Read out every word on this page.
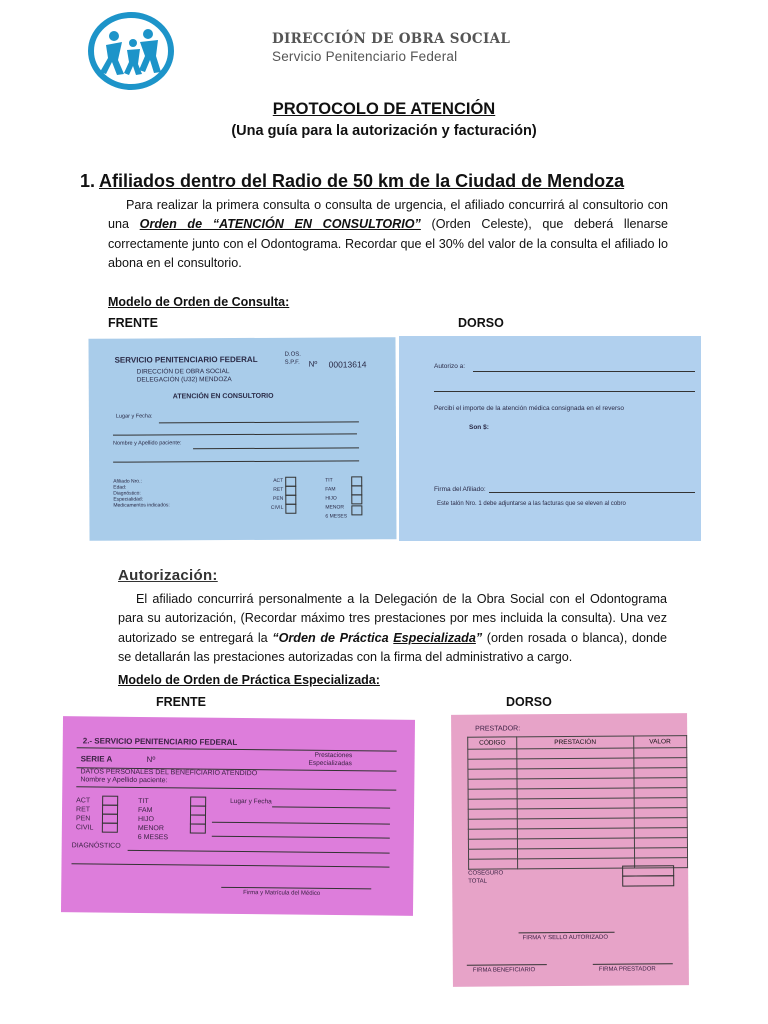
DIRECCIÓN DE OBRA SOCIAL
Servicio Penitenciario Federal
PROTOCOLO DE ATENCIÓN
(Una guía para la autorización y facturación)
1. Afiliados dentro del Radio de 50 km de la Ciudad de Mendoza
Para realizar la primera consulta o consulta de urgencia, el afiliado concurrirá al consultorio con una Orden de “ATENCIÓN EN CONSULTORIO” (Orden Celeste), que deberá llenarse correctamente junto con el Odontograma. Recordar que el 30% del valor de la consulta el afiliado lo abona en el consultorio.
Modelo de Orden de Consulta:
FRENTE	DORSO
SERVICIO PENITENCIARIO FEDERAL
D.OS.
S.P.F. Nº 00013614
DIRECCIÓN DE OBRA SOCIAL
DELEGACIÓN (U32) MENDOZA
ATENCIÓN EN CONSULTORIO
Lugar y Fecha:
Nombre y Apellido paciente:
Afiliado Nro.:
Edad:
Diagnóstico:
Especialidad:
Medicamentos indicados:
ACT
RET
PEN
CIVIL
TIT
FAM
HIJO
MENOR
6 MESES
Autorizo a:
Percibí el importe de la atención médica consignada en el reverso
Son $:
Firma del Afiliado:
Este talón Nro. 1 debe adjuntarse a las facturas que se eleven al cobro
Autorización:
El afiliado concurrirá personalmente a la Delegación de la Obra Social con el Odontograma para su autorización, (Recordar máximo tres prestaciones por mes incluida la consulta). Una vez autorizado se entregará la “Orden de Práctica Especializada” (orden rosada o blanca), donde se detallarán las prestaciones autorizadas con la firma del administrativo a cargo.
Modelo de Orden de Práctica Especializada:
FRENTE	DORSO
2.- SERVICIO PENITENCIARIO FEDERAL
SERIE A	Nº	Prestaciones
Especializadas
DATOS PERSONALES DEL BENEFICIARIO ATENDIDO
Nombre y Apellido paciente:
ACT
RET
PEN
CIVIL
TIT
FAM
HIJO
MENOR
6 MESES
Lugar y Fecha
DIAGNÓSTICO
Firma y Matrícula del Médico
PRESTADOR:
CÓDIGO	PRESTACIÓN	VALOR

COSEGURO
TOTAL
FIRMA Y SELLO AUTORIZADO
FIRMA BENEFICIARIO	FIRMA PRESTADOR
